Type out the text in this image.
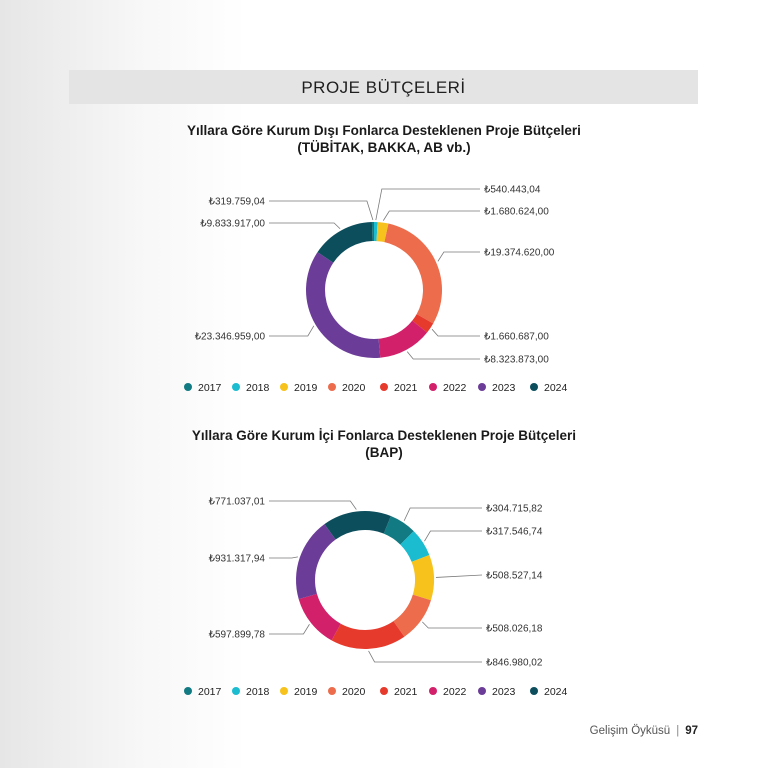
PROJE BÜTÇELERİ
Yıllara Göre Kurum Dışı Fonlarca Desteklenen Proje Bütçeleri
(TÜBİTAK, BAKKA, AB vb.)
Yıllara Göre Kurum İçi Fonlarca Desteklenen Proje Bütçeleri
(BAP)
₺319.759,04
₺540.443,04
₺1.680.624,00
₺19.374.620,00
₺1.660.687,00
₺8.323.873,00
₺23.346.959,00
₺9.833.917,00
2017 2018 2019 2020	2021 2022 2023	2024
₺304.715,82
₺317.546,74
₺508.527,14
₺508.026,18
₺846.980,02
₺597.899,78
₺931.317,94
₺771.037,01
2017 2018 2019 2020	2021 2022 2023	2024
Gelişim Öyküsü | 97
